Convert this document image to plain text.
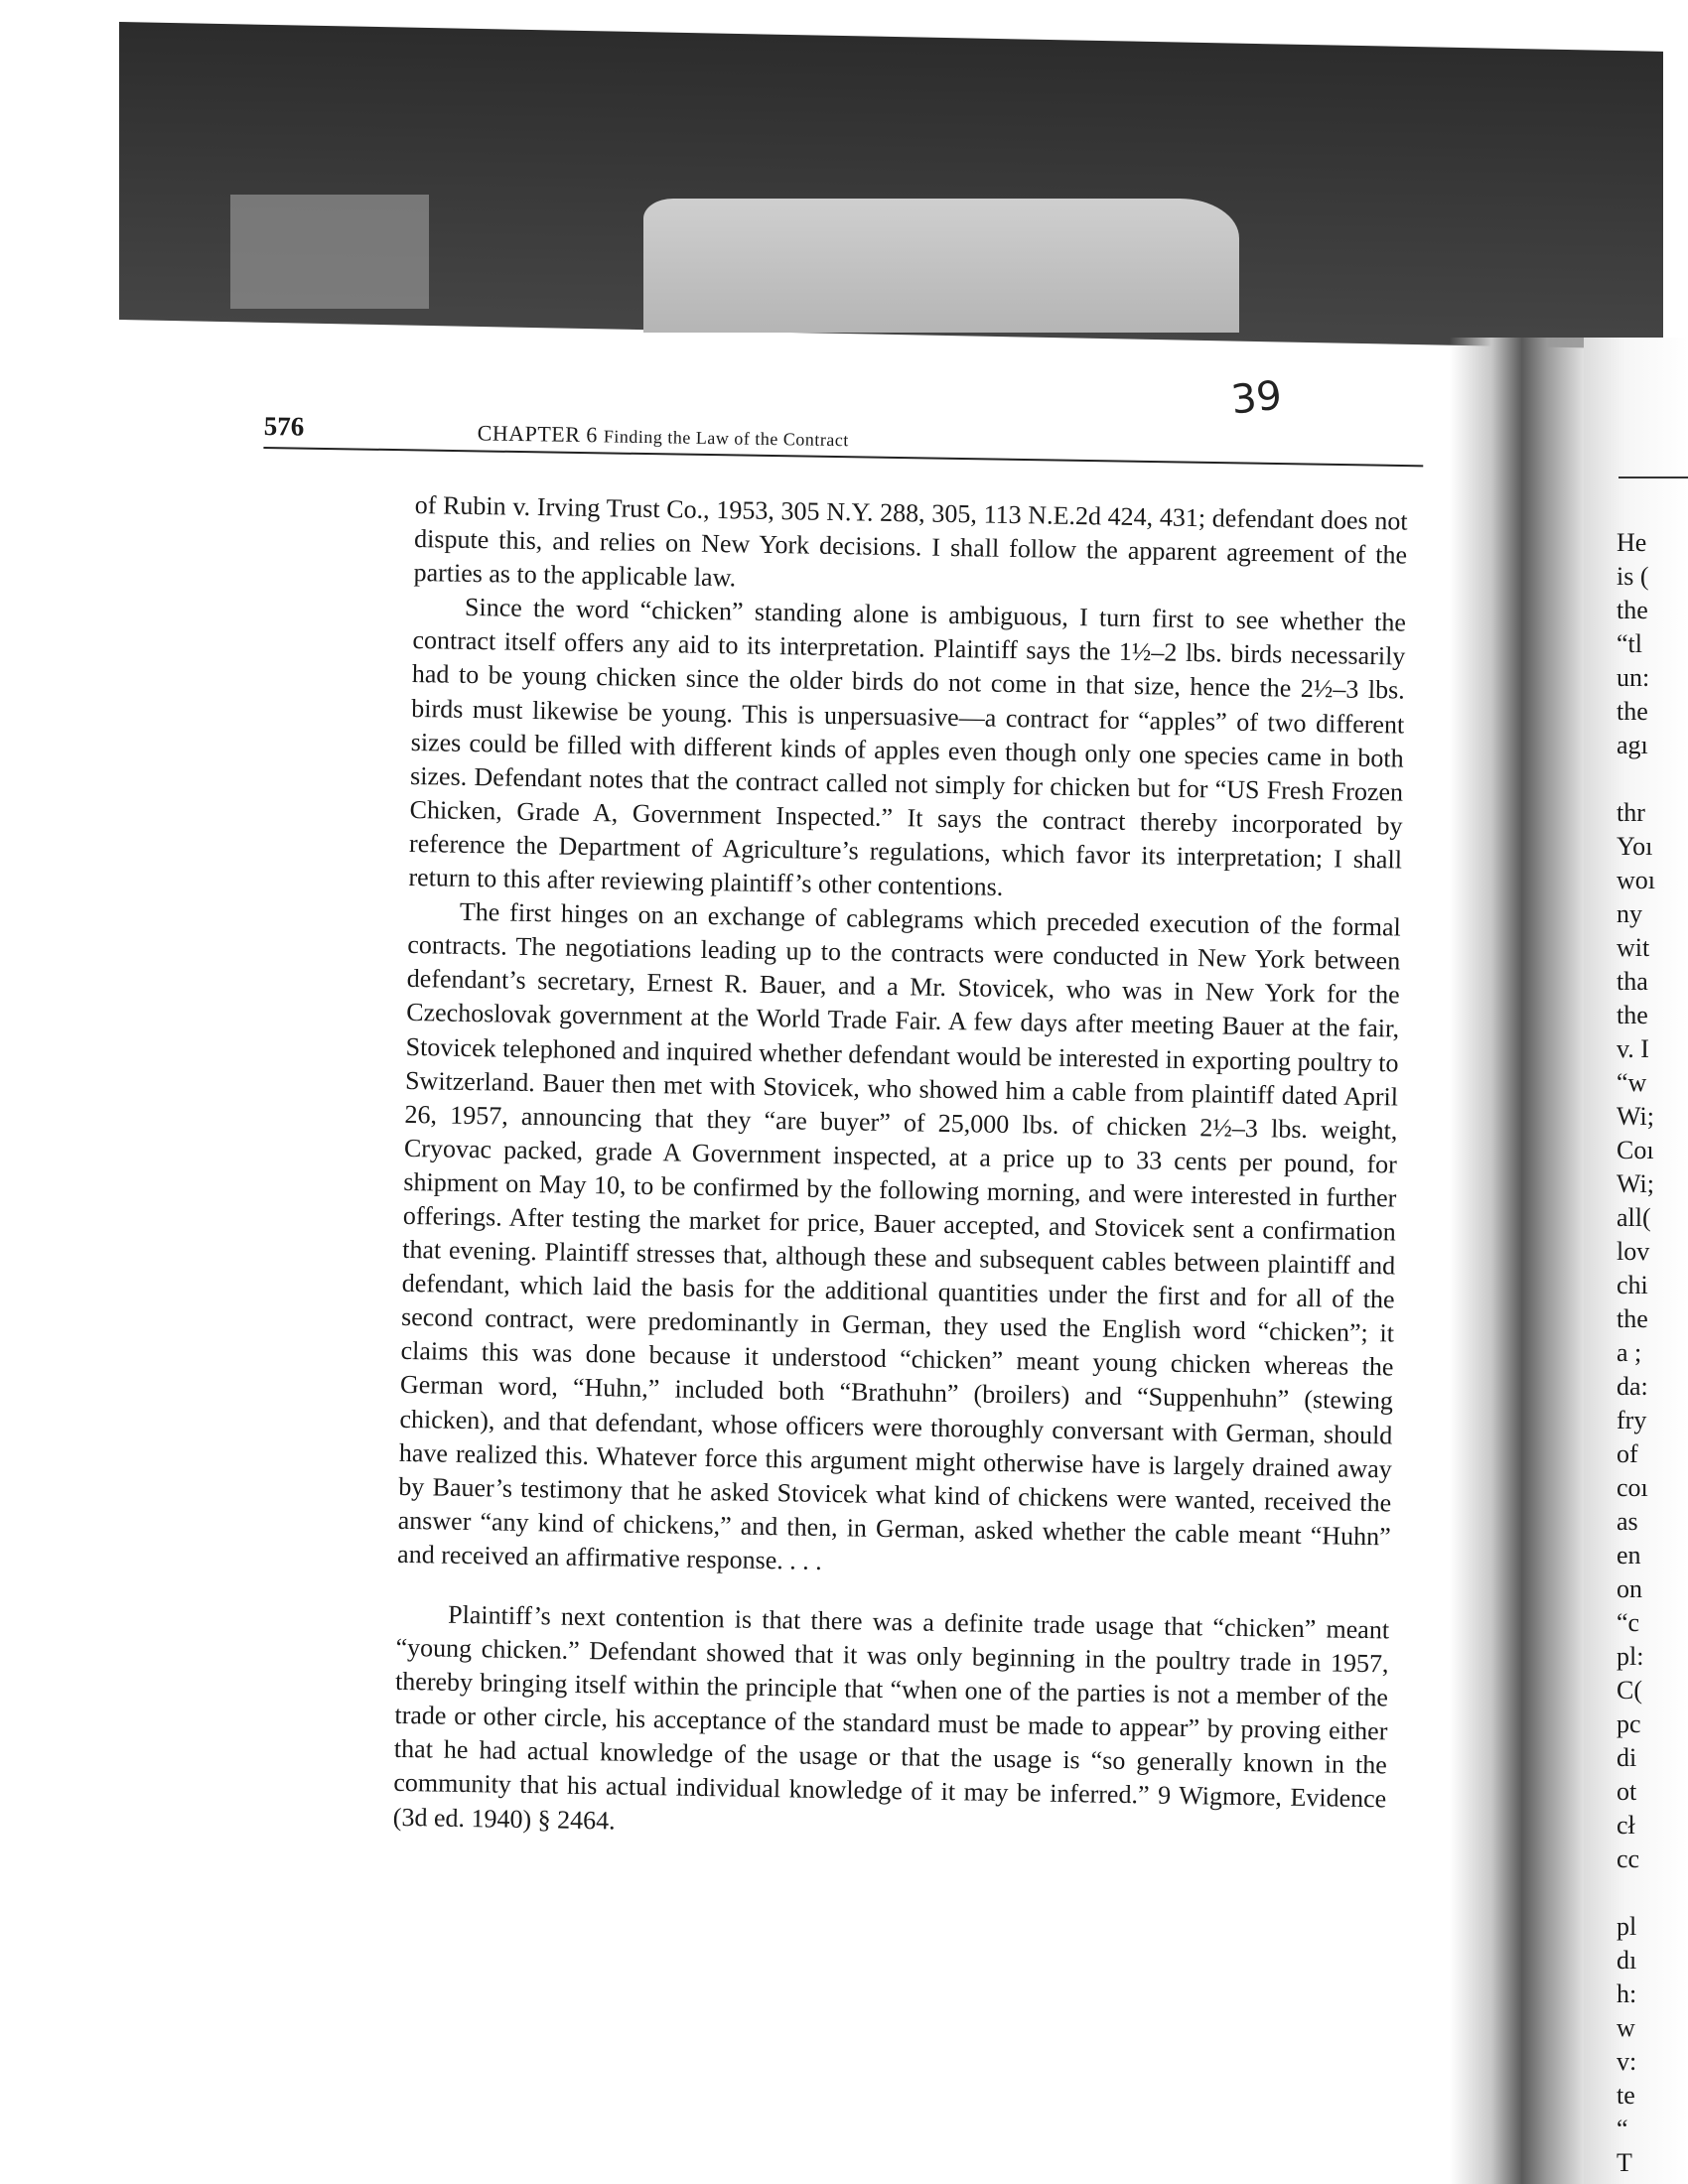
576	CHAPTER 6 Finding the Law of the Contract
39

of Rubin v. Irving Trust Co., 1953, 305 N.Y. 288, 305, 113 N.E.2d 424, 431; defendant does not dispute this, and relies on New York decisions. I shall follow the apparent agreement of the parties as to the applicable law.

Since the word “chicken” standing alone is ambiguous, I turn first to see whether the contract itself offers any aid to its interpretation. Plaintiff says the 1½–2 lbs. birds necessarily had to be young chicken since the older birds do not come in that size, hence the 2½–3 lbs. birds must likewise be young. This is unpersuasive—a contract for “apples” of two different sizes could be filled with different kinds of apples even though only one species came in both sizes. Defendant notes that the contract called not simply for chicken but for “US Fresh Frozen Chicken, Grade A, Government Inspected.” It says the contract thereby incorporated by reference the Department of Agriculture’s regulations, which favor its interpretation; I shall return to this after reviewing plaintiff’s other contentions.

The first hinges on an exchange of cablegrams which preceded execution of the formal contracts. The negotiations leading up to the contracts were conducted in New York between defendant’s secretary, Ernest R. Bauer, and a Mr. Stovicek, who was in New York for the Czechoslovak government at the World Trade Fair. A few days after meeting Bauer at the fair, Stovicek telephoned and inquired whether defendant would be interested in exporting poultry to Switzerland. Bauer then met with Stovicek, who showed him a cable from plaintiff dated April 26, 1957, announcing that they “are buyer” of 25,000 lbs. of chicken 2½–3 lbs. weight, Cryovac packed, grade A Government inspected, at a price up to 33 cents per pound, for shipment on May 10, to be confirmed by the following morning, and were interested in further offerings. After testing the market for price, Bauer accepted, and Stovicek sent a confirmation that evening. Plaintiff stresses that, although these and subsequent cables between plaintiff and defendant, which laid the basis for the additional quantities under the first and for all of the second contract, were predominantly in German, they used the English word “chicken”; it claims this was done because it understood “chicken” meant young chicken whereas the German word, “Huhn,” included both “Brathuhn” (broilers) and “Suppenhuhn” (stewing chicken), and that defendant, whose officers were thoroughly conversant with German, should have realized this. Whatever force this argument might otherwise have is largely drained away by Bauer’s testimony that he asked Stovicek what kind of chickens were wanted, received the answer “any kind of chickens,” and then, in German, asked whether the cable meant “Huhn” and received an affirmative response. . . .

Plaintiff’s next contention is that there was a definite trade usage that “chicken” meant “young chicken.” Defendant showed that it was only beginning in the poultry trade in 1957, thereby bringing itself within the principle that “when one of the parties is not a member of the trade or other circle, his acceptance of the standard must be made to appear” by proving either that he had actual knowledge of the usage or that the usage is “so generally known in the community that his actual individual knowledge of it may be inferred.” 9 Wigmore, Evidence (3d ed. 1940) § 2464.

He
is (
the
“tl
un:
the
agı
thr
Yoı
woı
ny
wit
tha
the
v. I
“w
Wi;
Coı
Wi;
all(
lov
chi
the
a ;
da:
fry
of
coı
as
en
on
“c
pl:
C(
pc
di
ot
cł
cc
pl
dı
h:
w
v:
te
“
T
